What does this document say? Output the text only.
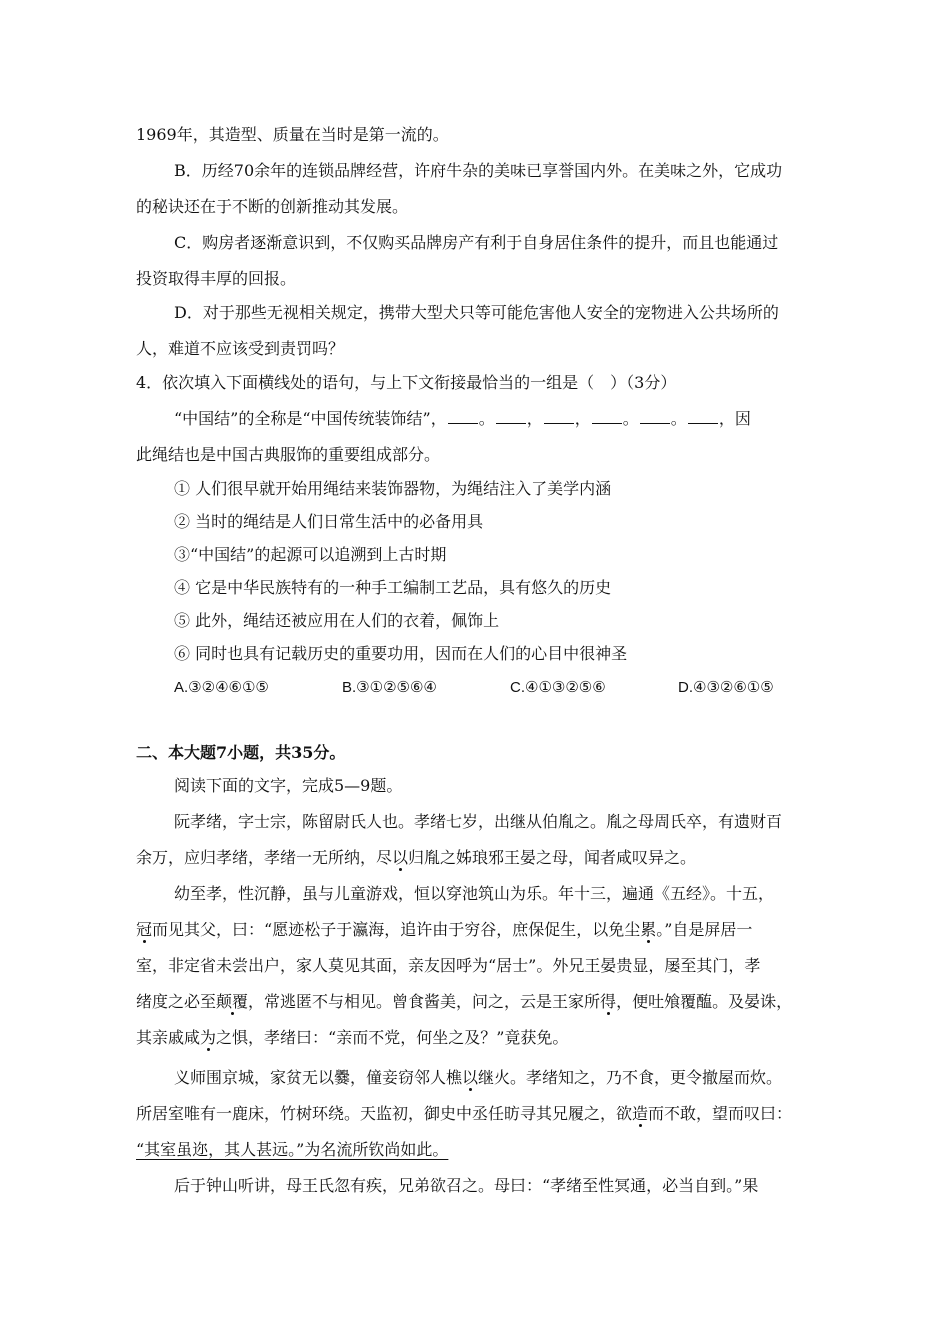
1969年，其造型、质量在当时是第一流的。
B．历经70余年的连锁品牌经营，许府牛杂的美味已享誉国内外。在美味之外，它成功
的秘诀还在于不断的创新推动其发展。
C．购房者逐渐意识到，不仅购买品牌房产有利于自身居住条件的提升，而且也能通过
投资取得丰厚的回报。
D．对于那些无视相关规定，携带大型犬只等可能危害他人安全的宠物进入公共场所的
人，难道不应该受到责罚吗？
4．依次填入下面横线处的语句，与上下文衔接最恰当的一组是（　）（3分）
“中国结”的全称是“中国传统装饰结”， 。 ， ， 。 。 ，因
此绳结也是中国古典服饰的重要组成部分。
① 人们很早就开始用绳结来装饰器物，为绳结注入了美学内涵
② 当时的绳结是人们日常生活中的必备用具
③“中国结”的起源可以追溯到上古时期
④ 它是中华民族特有的一种手工编制工艺品，具有悠久的历史
⑤ 此外，绳结还被应用在人们的衣着，佩饰上
⑥ 同时也具有记载历史的重要功用，因而在人们的心目中很神圣
A.③②④⑥①⑤	B.③①②⑤⑥④	C.④①③②⑤⑥	D.④③②⑥①⑤
二、本大题7小题，共35分。
阅读下面的文字，完成5—9题。
阮孝绪，字士宗，陈留尉氏人也。孝绪七岁，出继从伯胤之。胤之母周氏卒，有遗财百
余万，应归孝绪，孝绪一无所纳，尽以归胤之姊琅邪王晏之母，闻者咸叹异之。
幼至孝，性沉静，虽与儿童游戏，恒以穿池筑山为乐。年十三，遍通《五经》。十五，
冠而见其父，曰：“愿迹松子于瀛海，追许由于穷谷，庶保促生，以免尘累。”自是屏居一
室，非定省未尝出户，家人莫见其面，亲友因呼为“居士”。外兄王晏贵显，屡至其门，孝
绪度之必至颠覆，常逃匿不与相见。曾食酱美，问之，云是王家所得，便吐飧覆醢。及晏诛，
其亲戚咸为之惧，孝绪曰：“亲而不党，何坐之及？”竟获免。
义师围京城，家贫无以爨，僮妾窃邻人樵以继火。孝绪知之，乃不食，更令撤屋而炊。
所居室唯有一鹿床，竹树环绕。天监初，御史中丞任昉寻其兄履之，欲造而不敢，望而叹曰：
“其室虽迩，其人甚远。”为名流所钦尚如此。
后于钟山听讲，母王氏忽有疾，兄弟欲召之。母曰：“孝绪至性冥通，必当自到。”果
